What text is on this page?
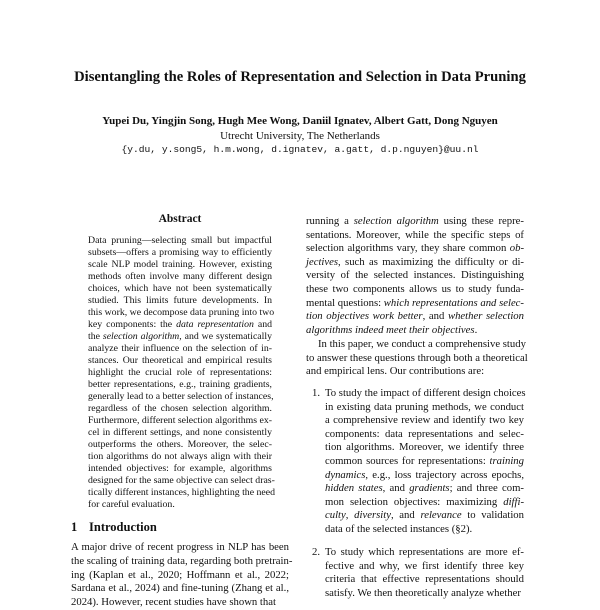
Disentangling the Roles of Representation and Selection in Data Pruning
Yupei Du, Yingjin Song, Hugh Mee Wong, Daniil Ignatev, Albert Gatt, Dong Nguyen
Utrecht University, The Netherlands
{y.du, y.song5, h.m.wong, d.ignatev, a.gatt, d.p.nguyen}@uu.nl
Abstract
Data pruning—selecting small but impactful
subsets—offers a promising way to efficiently
scale NLP model training. However, existing
methods often involve many different design
choices, which have not been systematically
studied. This limits future developments. In
this work, we decompose data pruning into two
key components: the data representation and
the selection algorithm, and we systematically
analyze their influence on the selection of in-
stances. Our theoretical and empirical results
highlight the crucial role of representations:
better representations, e.g., training gradients,
generally lead to a better selection of instances,
regardless of the chosen selection algorithm.
Furthermore, different selection algorithms ex-
cel in different settings, and none consistently
outperforms the others. Moreover, the selec-
tion algorithms do not always align with their
intended objectives: for example, algorithms
designed for the same objective can select dras-
tically different instances, highlighting the need
for careful evaluation.
1 Introduction
A major drive of recent progress in NLP has been
the scaling of training data, regarding both pretrain-
ing (Kaplan et al., 2020; Hoffmann et al., 2022;
Sardana et al., 2024) and fine-tuning (Zhang et al.,
2024). However, recent studies have shown that
running a selection algorithm using these repre-
sentations. Moreover, while the specific steps of
selection algorithms vary, they share common ob-
jectives, such as maximizing the difficulty or di-
versity of the selected instances. Distinguishing
these two components allows us to study funda-
mental questions: which representations and selec-
tion objectives work better, and whether selection
algorithms indeed meet their objectives.
In this paper, we conduct a comprehensive study
to answer these questions through both a theoretical
and empirical lens. Our contributions are:
1. To study the impact of different design choices
in existing data pruning methods, we conduct
a comprehensive review and identify two key
components: data representations and selec-
tion algorithms. Moreover, we identify three
common sources for representations: training
dynamics, e.g., loss trajectory across epochs,
hidden states, and gradients; and three com-
mon selection objectives: maximizing diffi-
culty, diversity, and relevance to validation
data of the selected instances (§2).
2. To study which representations are more ef-
fective and why, we first identify three key
criteria that effective representations should
satisfy. We then theoretically analyze whether
